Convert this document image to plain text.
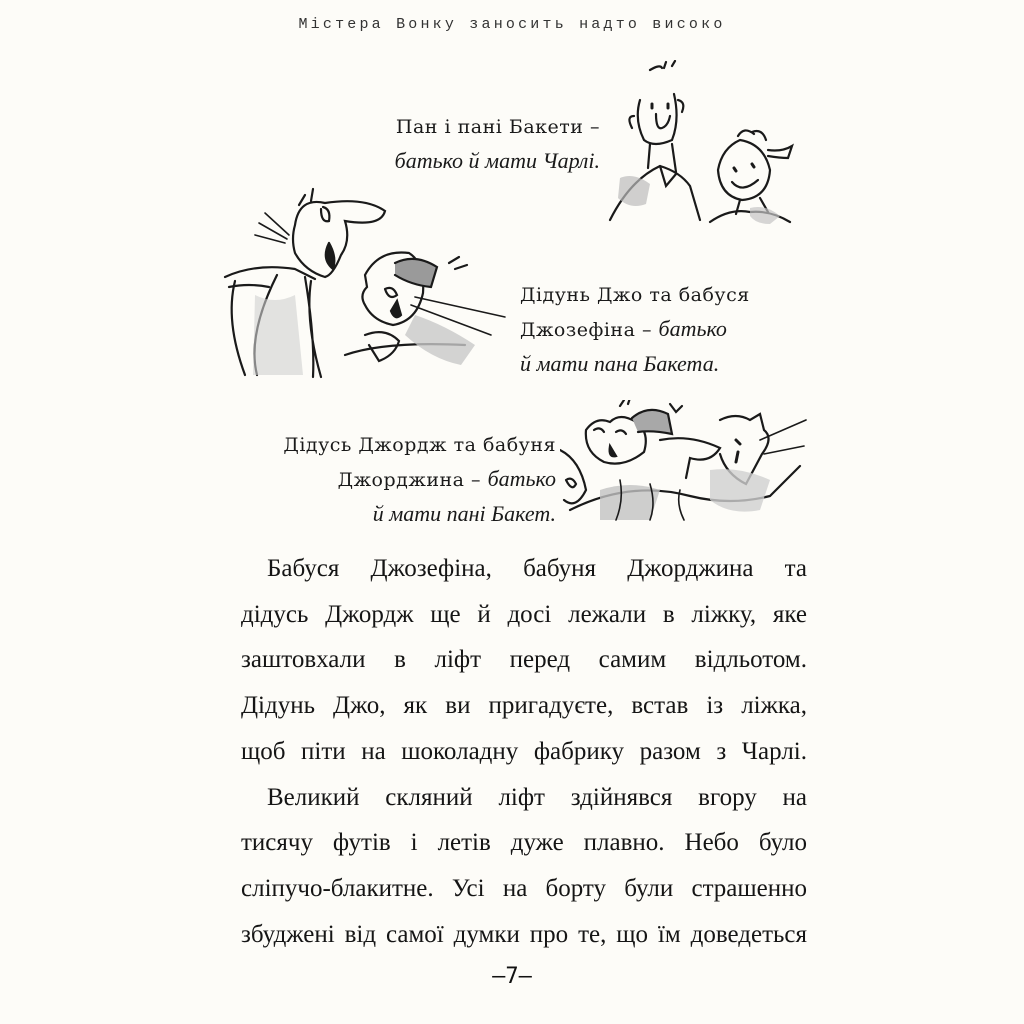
Містера Вонку заносить надто високо
Пан і пані Бакети –
батько й мати Чарлі.
Дідунь Джо та бабуся
Джозефіна – батько
й мати пана Бакета.
Дідусь Джордж та бабуня
Джорджина – батько
й мати пані Бакет.

Бабуся Джозефіна, бабуня Джорджина та
дідусь Джордж ще й досі лежали в ліжку, яке
заштовхали в ліфт перед самим відльотом.
Дідунь Джо, як ви пригадуєте, встав із ліжка,
щоб піти на шоколадну фабрику разом з Чарлі.

Великий скляний ліфт здійнявся вгору на
тисячу футів і летів дуже плавно. Небо було
сліпучо-блакитне. Усі на борту були страшенно
збуджені від самої думки про те, що їм доведеться

–7–
